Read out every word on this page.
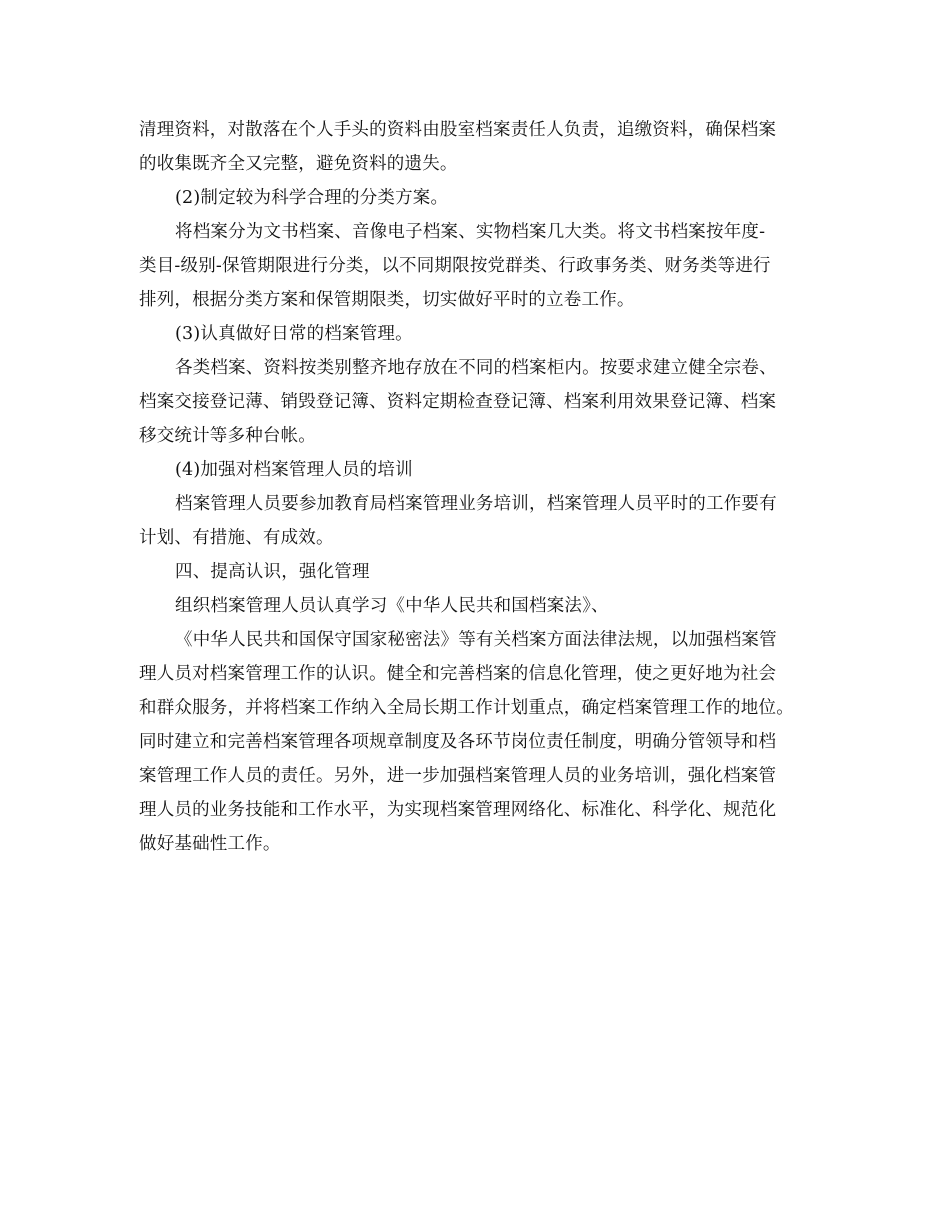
清理资料，对散落在个人手头的资料由股室档案责任人负责，追缴资料，确保档案
的收集既齐全又完整，避免资料的遗失。
(2)制定较为科学合理的分类方案。
将档案分为文书档案、音像电子档案、实物档案几大类。将文书档案按年度-
类目-级别-保管期限进行分类，以不同期限按党群类、行政事务类、财务类等进行
排列，根据分类方案和保管期限类，切实做好平时的立卷工作。
(3)认真做好日常的档案管理。
各类档案、资料按类别整齐地存放在不同的档案柜内。按要求建立健全宗卷、
档案交接登记薄、销毁登记簿、资料定期检查登记簿、档案利用效果登记簿、档案
移交统计等多种台帐。
(4)加强对档案管理人员的培训
档案管理人员要参加教育局档案管理业务培训，档案管理人员平时的工作要有
计划、有措施、有成效。
四、提高认识，强化管理
组织档案管理人员认真学习《中华人民共和国档案法》、
《中华人民共和国保守国家秘密法》等有关档案方面法律法规，以加强档案管
理人员对档案管理工作的认识。健全和完善档案的信息化管理，使之更好地为社会
和群众服务，并将档案工作纳入全局长期工作计划重点，确定档案管理工作的地位。
同时建立和完善档案管理各项规章制度及各环节岗位责任制度，明确分管领导和档
案管理工作人员的责任。另外，进一步加强档案管理人员的业务培训，强化档案管
理人员的业务技能和工作水平，为实现档案管理网络化、标准化、科学化、规范化
做好基础性工作。
